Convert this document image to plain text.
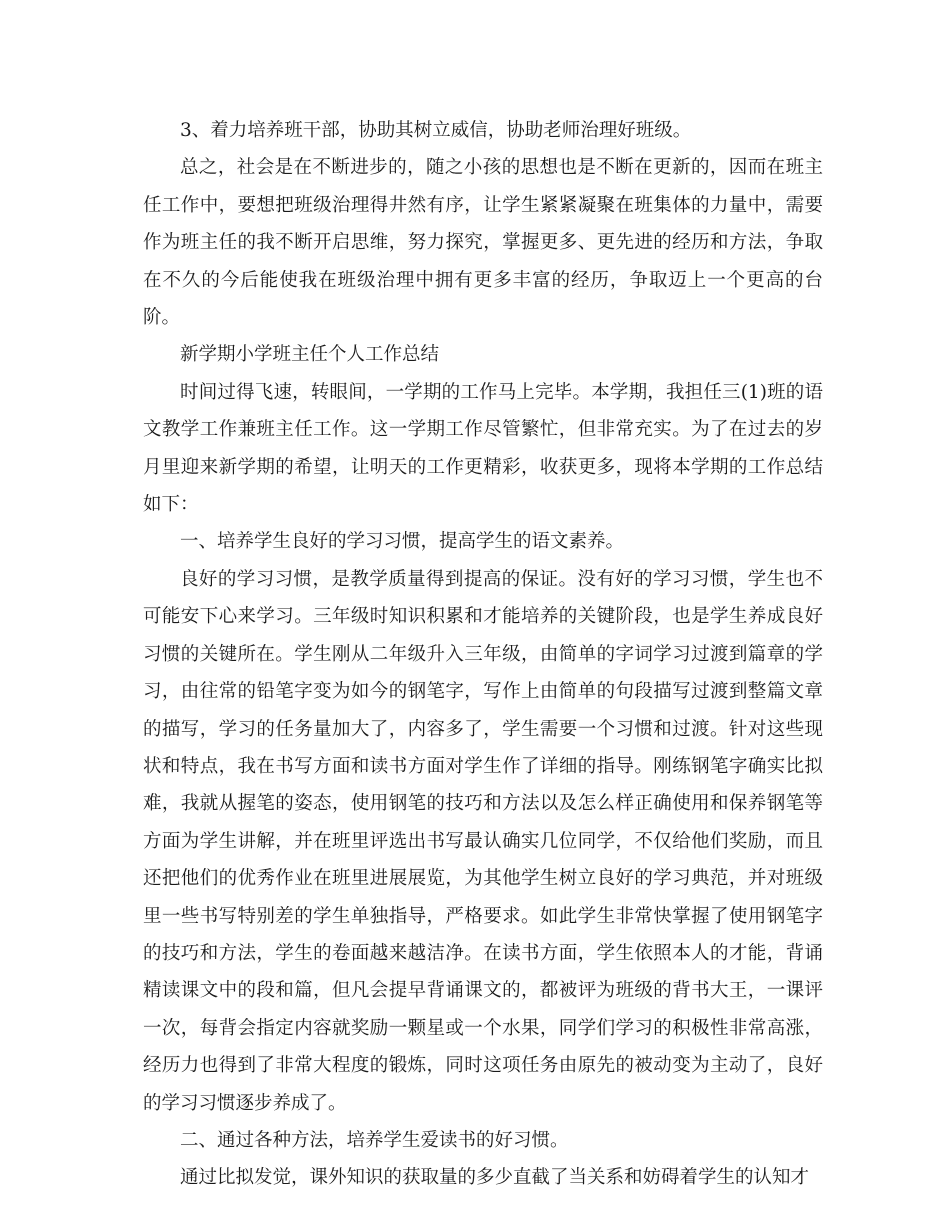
3、着力培养班干部，协助其树立威信，协助老师治理好班级。

总之，社会是在不断进步的，随之小孩的思想也是不断在更新的，因而在班主任工作中，要想把班级治理得井然有序，让学生紧紧凝聚在班集体的力量中，需要作为班主任的我不断开启思维，努力探究，掌握更多、更先进的经历和方法，争取在不久的今后能使我在班级治理中拥有更多丰富的经历，争取迈上一个更高的台阶。

新学期小学班主任个人工作总结

时间过得飞速，转眼间，一学期的工作马上完毕。本学期，我担任三(1)班的语文教学工作兼班主任工作。这一学期工作尽管繁忙，但非常充实。为了在过去的岁月里迎来新学期的希望，让明天的工作更精彩，收获更多，现将本学期的工作总结如下：

一、培养学生良好的学习习惯，提高学生的语文素养。

良好的学习习惯，是教学质量得到提高的保证。没有好的学习习惯，学生也不可能安下心来学习。三年级时知识积累和才能培养的关键阶段，也是学生养成良好习惯的关键所在。学生刚从二年级升入三年级，由简单的字词学习过渡到篇章的学习，由往常的铅笔字变为如今的钢笔字，写作上由简单的句段描写过渡到整篇文章的描写，学习的任务量加大了，内容多了，学生需要一个习惯和过渡。针对这些现状和特点，我在书写方面和读书方面对学生作了详细的指导。刚练钢笔字确实比拟难，我就从握笔的姿态，使用钢笔的技巧和方法以及怎么样正确使用和保养钢笔等方面为学生讲解，并在班里评选出书写最认确实几位同学，不仅给他们奖励，而且还把他们的优秀作业在班里进展展览，为其他学生树立良好的学习典范，并对班级里一些书写特别差的学生单独指导，严格要求。如此学生非常快掌握了使用钢笔字的技巧和方法，学生的卷面越来越洁净。在读书方面，学生依照本人的才能，背诵精读课文中的段和篇，但凡会提早背诵课文的，都被评为班级的背书大王，一课评一次，每背会指定内容就奖励一颗星或一个水果，同学们学习的积极性非常高涨，经历力也得到了非常大程度的锻炼，同时这项任务由原先的被动变为主动了，良好的学习习惯逐步养成了。

二、通过各种方法，培养学生爱读书的好习惯。

通过比拟发觉，课外知识的获取量的多少直截了当关系和妨碍着学生的认知才
